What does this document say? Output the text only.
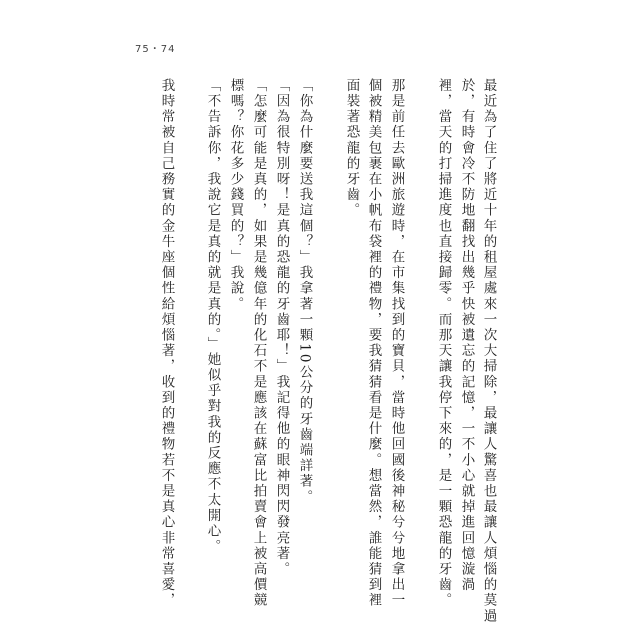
75・74
最近為了住了將近十年的租屋處來一次大掃除，最讓人驚喜也最讓人煩惱的莫過
於，有時會冷不防地翻找出幾乎快被遺忘的記憶，一不小心就掉進回憶漩渦
裡，當天的打掃進度也直接歸零。而那天讓我停下來的，是一顆恐龍的牙齒。
那是前任去歐洲旅遊時，在市集找到的寶貝，當時他回國後神秘兮兮地拿出一
個被精美包裹在小帆布袋裡的禮物，要我猜猜看是什麼。想當然，誰能猜到裡
面裝著恐龍的牙齒。
「你為什麼要送我這個？」我拿著一顆10公分的牙齒端詳著。
「因為很特別呀！是真的恐龍的牙齒耶！」我記得他的眼神閃閃發亮著。
「怎麼可能是真的，如果是幾億年的化石不是應該在蘇富比拍賣會上被高價競
標嗎？你花多少錢買的？」我說。
「不告訴你，我說它是真的就是真的。」她似乎對我的反應不太開心。
我時常被自己務實的金牛座個性給煩惱著，收到的禮物若不是真心非常喜愛，
